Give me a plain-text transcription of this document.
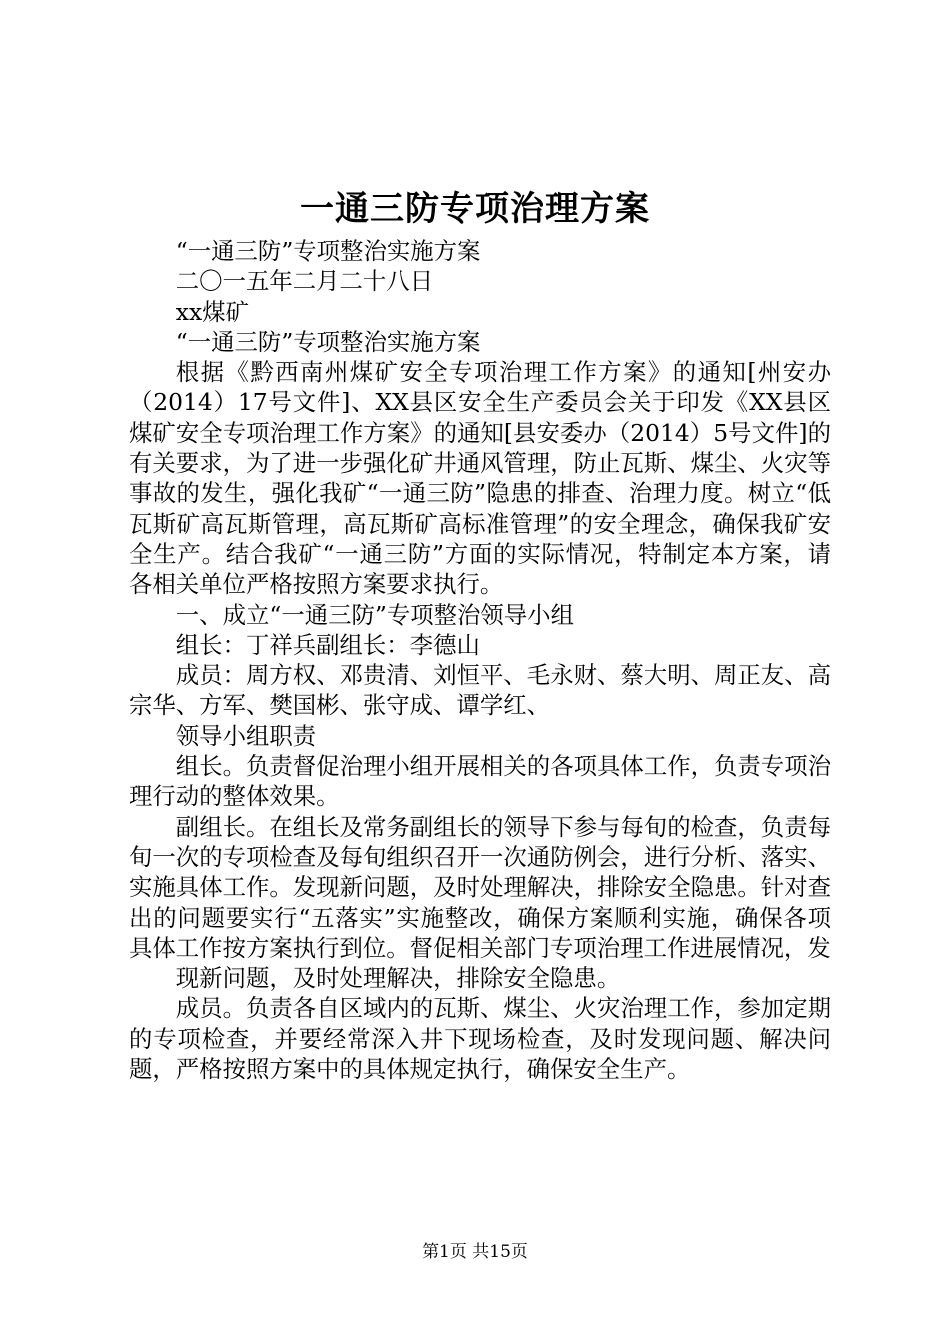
一通三防专项治理方案

“一通三防”专项整治实施方案

二〇一五年二月二十八日

xx煤矿

“一通三防”专项整治实施方案

根据《黔西南州煤矿安全专项治理工作方案》的通知[州安办（2014）17号文件]、XX县区安全生产委员会关于印发《XX县区煤矿安全专项治理工作方案》的通知[县安委办（2014）5号文件]的有关要求，为了进一步强化矿井通风管理，防止瓦斯、煤尘、火灾等事故的发生，强化我矿“一通三防”隐患的排查、治理力度。树立“低瓦斯矿高瓦斯管理，高瓦斯矿高标准管理”的安全理念，确保我矿安全生产。结合我矿“一通三防”方面的实际情况，特制定本方案，请各相关单位严格按照方案要求执行。

一、成立“一通三防”专项整治领导小组

组长：丁祥兵副组长：李德山

成员：周方权、邓贵清、刘恒平、毛永财、蔡大明、周正友、高宗华、方军、樊国彬、张守成、谭学红、

领导小组职责

组长。负责督促治理小组开展相关的各项具体工作，负责专项治理行动的整体效果。

副组长。在组长及常务副组长的领导下参与每旬的检查，负责每旬一次的专项检查及每旬组织召开一次通防例会，进行分析、落实、实施具体工作。发现新问题，及时处理解决，排除安全隐患。针对查出的问题要实行“五落实”实施整改，确保方案顺利实施，确保各项具体工作按方案执行到位。督促相关部门专项治理工作进展情况，发

现新问题，及时处理解决，排除安全隐患。

成员。负责各自区域内的瓦斯、煤尘、火灾治理工作，参加定期的专项检查，并要经常深入井下现场检查，及时发现问题、解决问题，严格按照方案中的具体规定执行，确保安全生产。

第1页 共15页
